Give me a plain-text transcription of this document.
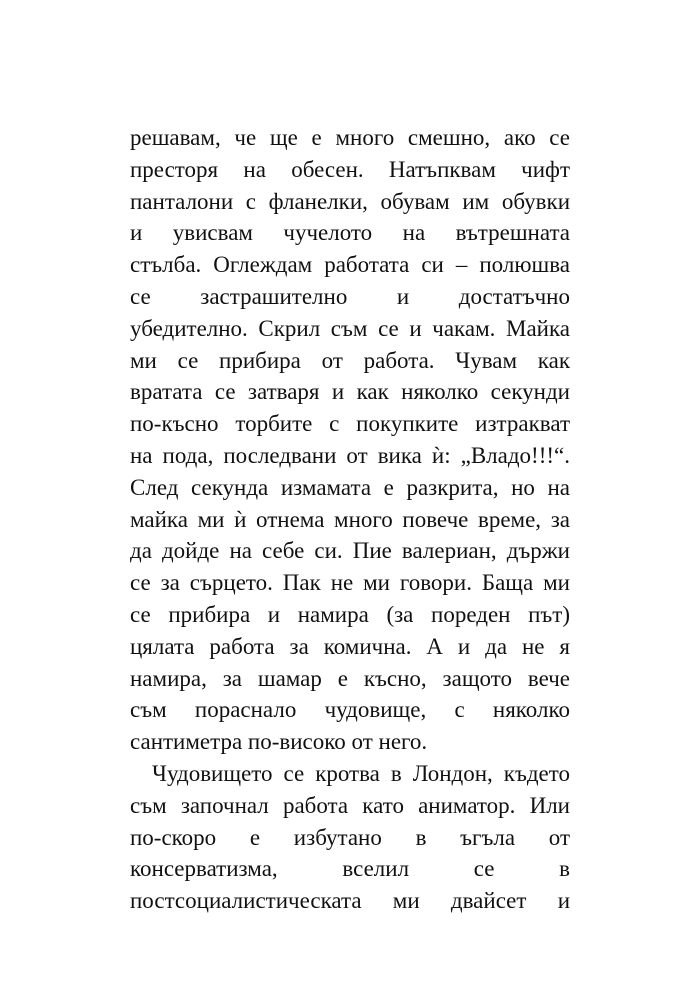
решавам, че ще е много смешно, ако се
престоря на обесен. Натъпквам чифт
панталони с фланелки, обувам им обувки
и увисвам чучелото на вътрешната
стълба. Оглеждам работата си – полюшва
се застрашително и достатъчно
убедително. Скрил съм се и чакам. Майка
ми се прибира от работа. Чувам как
вратата се затваря и как няколко секунди
по-късно торбите с покупките изтракват
на пода, последвани от вика ѝ: „Владо!!!“.
След секунда измамата е разкрита, но на
майка ми ѝ отнема много повече време, за
да дойде на себе си. Пие валериан, държи
се за сърцето. Пак не ми говори. Баща ми
се прибира и намира (за пореден път)
цялата работа за комична. А и да не я
намира, за шамар е късно, защото вече
съм порасналo чудовище, с няколко
сантиметра по-високо от него.
Чудовището се кротва в Лондон, където
съм започнал работа като аниматор. Или
по-скоро е избутано в ъгъла от
консерватизма, вселил се в
постсоциалистическата ми двайсет и
